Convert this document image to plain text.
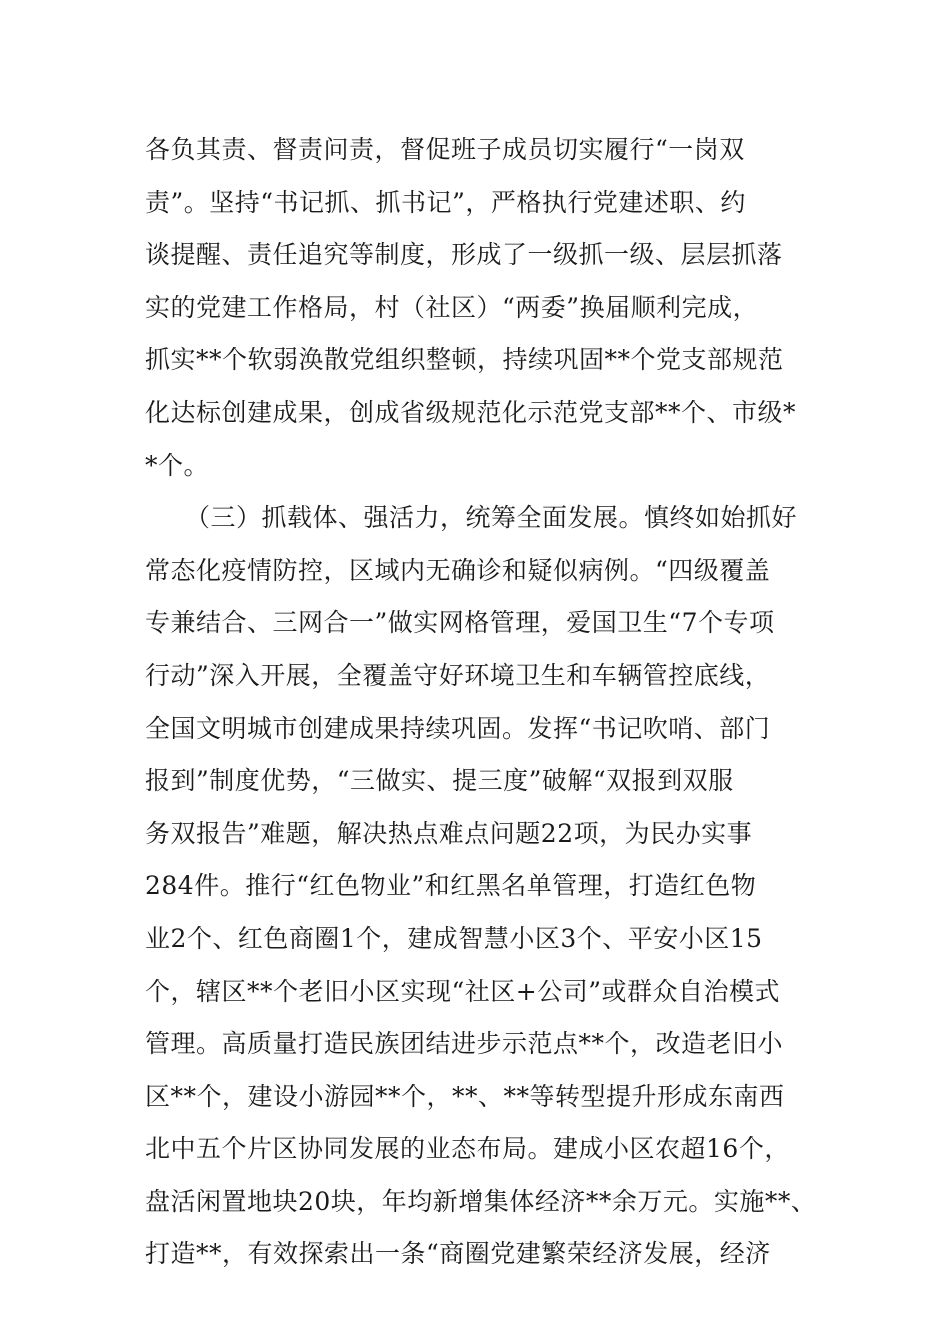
各负其责、督责问责，督促班子成员切实履行“一岗双
责”。坚持“书记抓、抓书记”，严格执行党建述职、约
谈提醒、责任追究等制度，形成了一级抓一级、层层抓落
实的党建工作格局，村（社区）“两委”换届顺利完成，
抓实**个软弱涣散党组织整顿，持续巩固**个党支部规范
化达标创建成果，创成省级规范化示范党支部**个、市级*
*个。
（三）抓载体、强活力，统筹全面发展。慎终如始抓好
常态化疫情防控，区域内无确诊和疑似病例。“四级覆盖
专兼结合、三网合一”做实网格管理，爱国卫生“7个专项
行动”深入开展，全覆盖守好环境卫生和车辆管控底线，
全国文明城市创建成果持续巩固。发挥“书记吹哨、部门
报到”制度优势，“三做实、提三度”破解“双报到双服
务双报告”难题，解决热点难点问题22项，为民办实事
284件。推行“红色物业”和红黑名单管理，打造红色物
业2个、红色商圈1个，建成智慧小区3个、平安小区15
个，辖区**个老旧小区实现“社区+公司”或群众自治模式
管理。高质量打造民族团结进步示范点**个，改造老旧小
区**个，建设小游园**个，**、**等转型提升形成东南西
北中五个片区协同发展的业态布局。建成小区农超16个，
盘活闲置地块20块，年均新增集体经济**余万元。实施**、
打造**，有效探索出一条“商圈党建繁荣经济发展，经济
